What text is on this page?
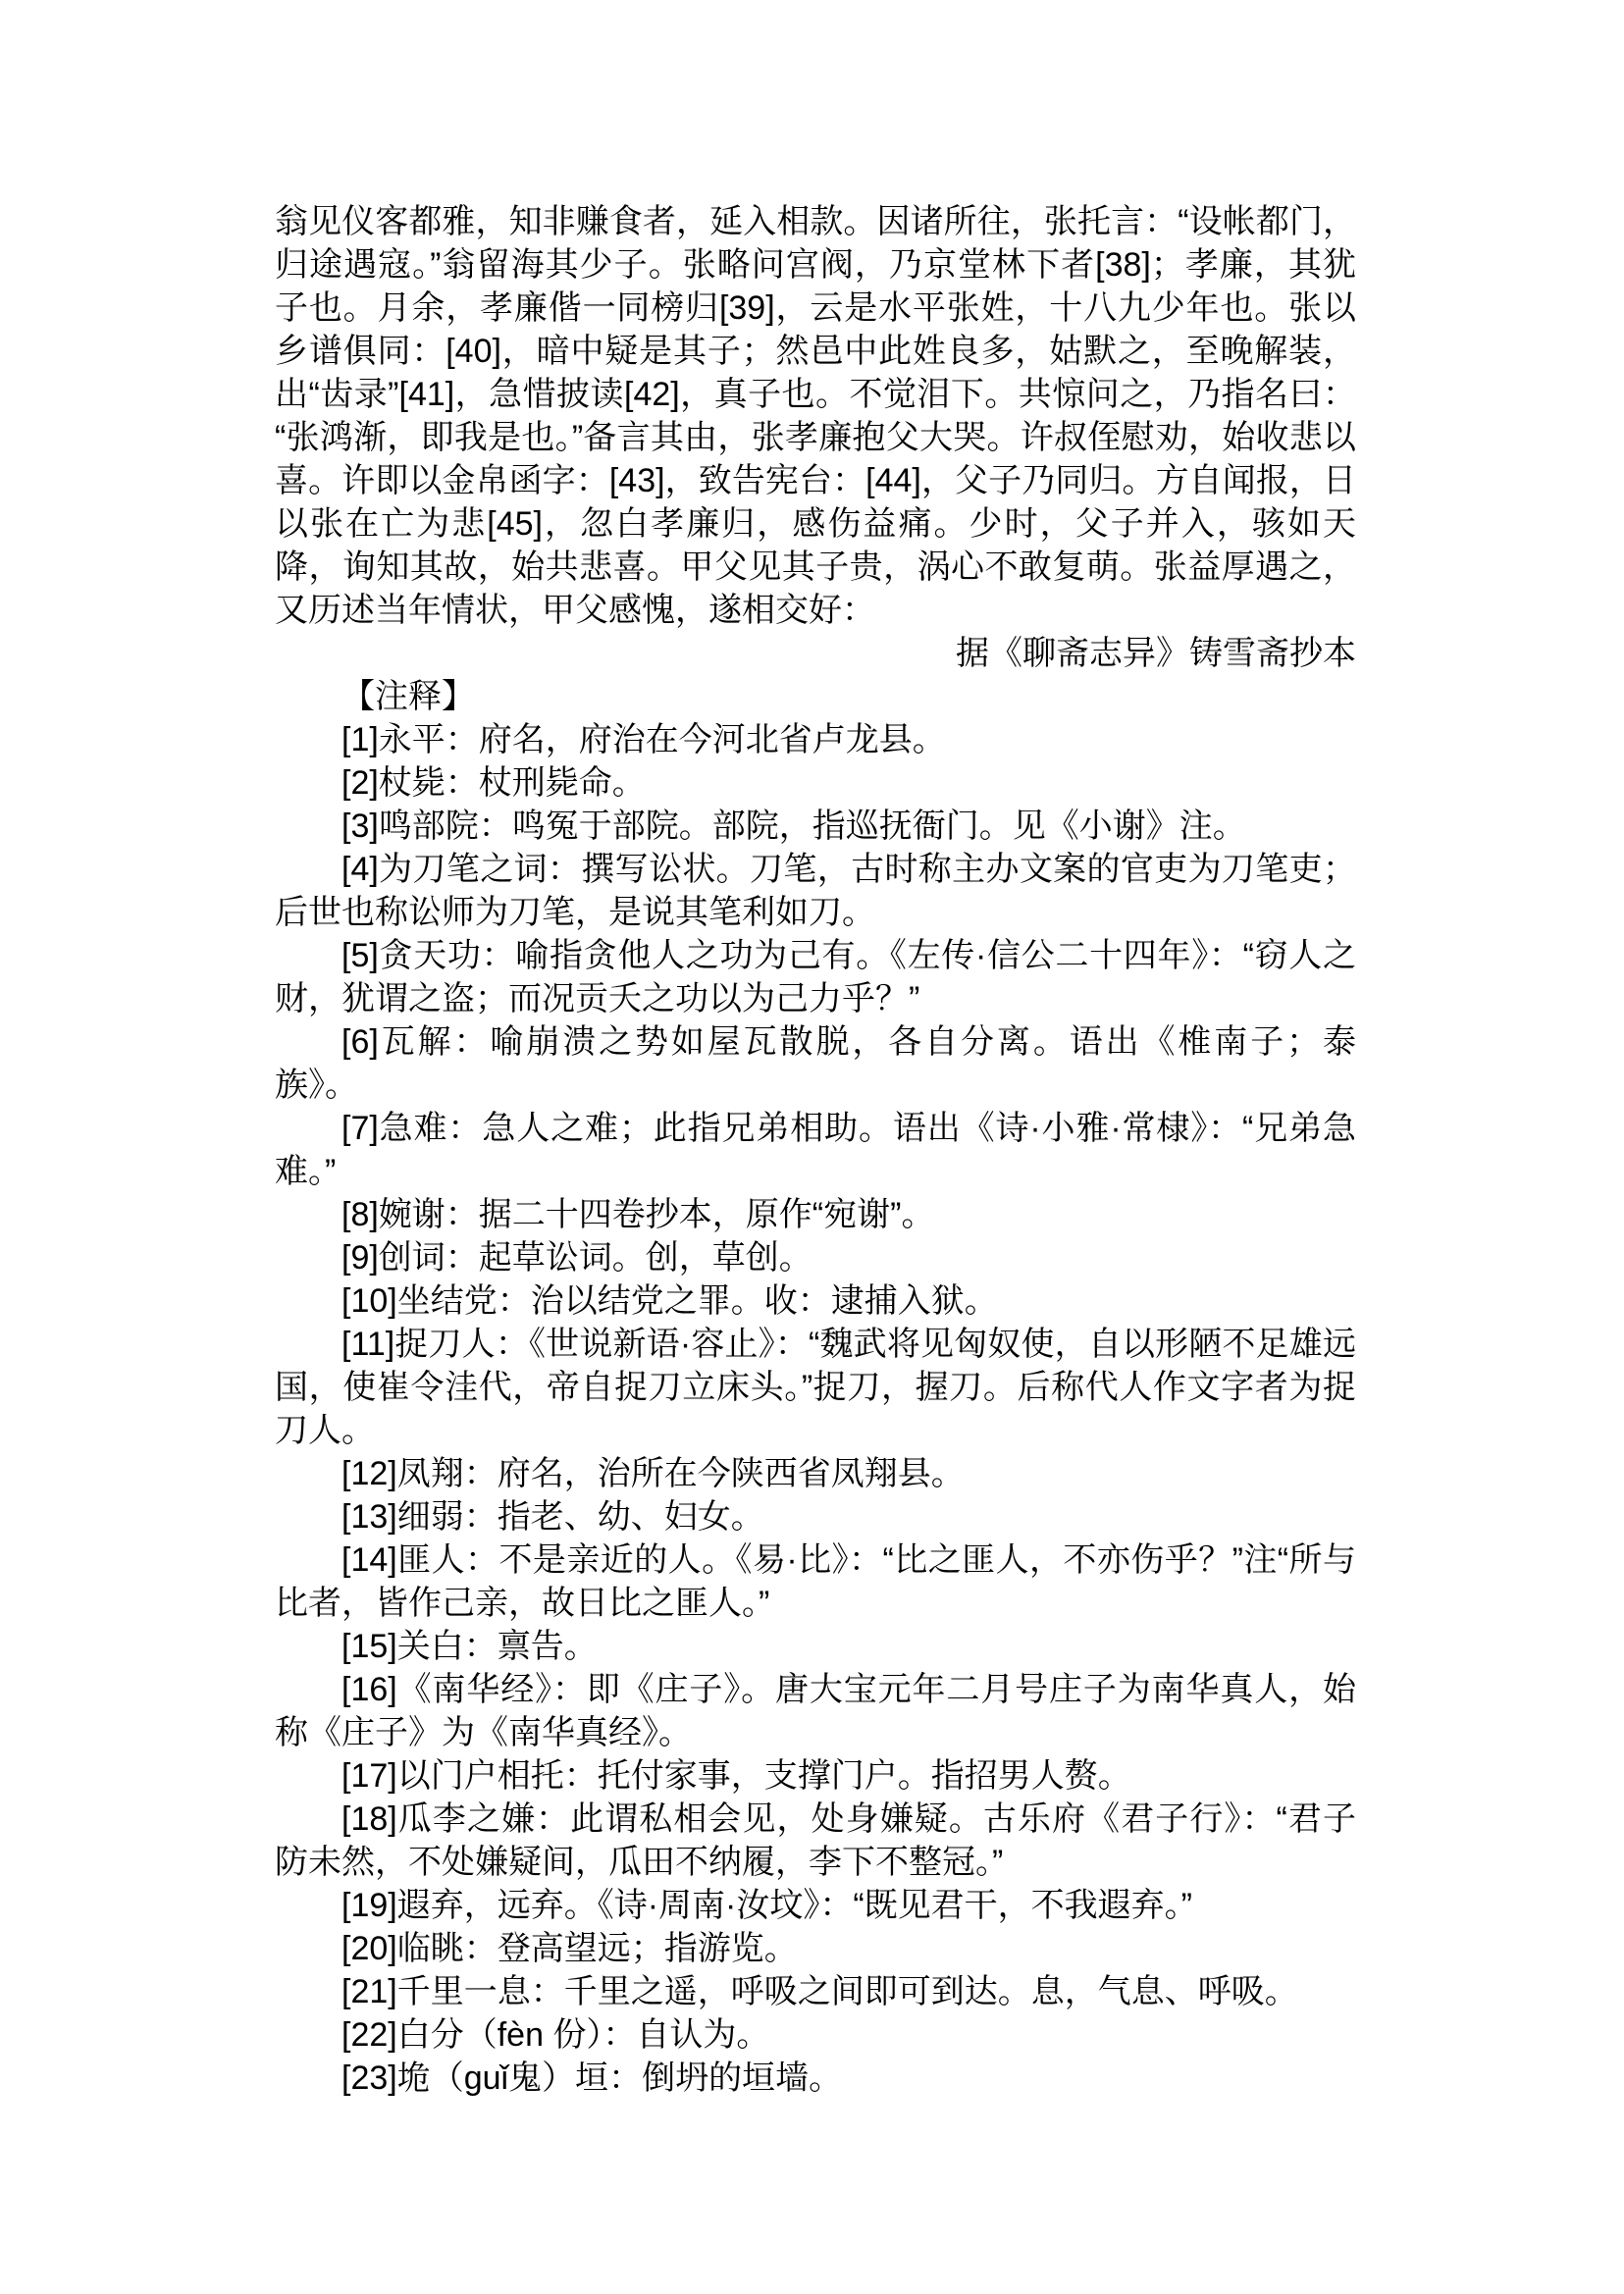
翁见仪客都雅，知非赚食者，延入相款。因诸所往，张托言：“设帐都门，归途遇寇。”翁留海其少子。张略问宫阀，乃京堂林下者[38]；孝廉，其犹子也。月余，孝廉偕一同榜归[39]，云是水平张姓，十八九少年也。张以乡谱俱同：[40]，暗中疑是其子；然邑中此姓良多，姑默之，至晚解装，出“齿录”[41]，急惜披读[42]，真子也。不觉泪下。共惊问之，乃指名曰：“张鸿渐，即我是也。”备言其由，张孝廉抱父大哭。许叔侄慰劝，始收悲以喜。许即以金帛函字：[43]，致告宪台：[44]，父子乃同归。方自闻报，日以张在亡为悲[45]，忽白孝廉归，感伤益痛。少时，父子并入，骇如天降，询知其故，始共悲喜。甲父见其子贵，涡心不敢复萌。张益厚遇之，又历述当年情状，甲父感愧，遂相交好：

据《聊斋志异》铸雪斋抄本

【注释】

[1]永平：府名，府治在今河北省卢龙县。

[2]杖毙：杖刑毙命。

[3]鸣部院：鸣冤于部院。部院，指巡抚衙门。见《小谢》注。

[4]为刀笔之词：撰写讼状。刀笔，古时称主办文案的官吏为刀笔吏；后世也称讼师为刀笔，是说其笔利如刀。

[5]贪天功：喻指贪他人之功为己有。《左传·信公二十四年》：“窃人之财，犹谓之盗；而况贡夭之功以为己力乎？”

[6]瓦解：喻崩溃之势如屋瓦散脱，各自分离。语出《椎南子；泰族》。

[7]急难：急人之难；此指兄弟相助。语出《诗·小雅·常棣》：“兄弟急难。”

[8]婉谢：据二十四卷抄本，原作“宛谢”。

[9]创词：起草讼词。创，草创。

[10]坐结党：治以结党之罪。收：逮捕入狱。

[11]捉刀人：《世说新语·容止》：“魏武将见匈奴使，自以形陋不足雄远国，使崔令洼代，帝自捉刀立床头。”捉刀，握刀。后称代人作文字者为捉刀人。

[12]凤翔：府名，治所在今陕西省凤翔县。

[13]细弱：指老、幼、妇女。

[14]匪人：不是亲近的人。《易·比》：“比之匪人，不亦伤乎？”注“所与比者，皆作己亲，故日比之匪人。”

[15]关白：禀告。

[16]《南华经》：即《庄子》。唐大宝元年二月号庄子为南华真人，始称《庄子》为《南华真经》。

[17]以门户相托：托付家事，支撑门户。指招男人赘。

[18]瓜李之嫌：此谓私相会见，处身嫌疑。古乐府《君子行》：“君子防未然，不处嫌疑间，瓜田不纳履，李下不整冠。”

[19]遐弃，远弃。《诗·周南·汝坟》：“既见君干，不我遐弃。”

[20]临眺：登高望远；指游览。

[21]千里一息：千里之遥，呼吸之间即可到达。息，气息、呼吸。

[22]白分（fèn 份）：自认为。

[23]垝（guǐ鬼）垣：倒坍的垣墙。
